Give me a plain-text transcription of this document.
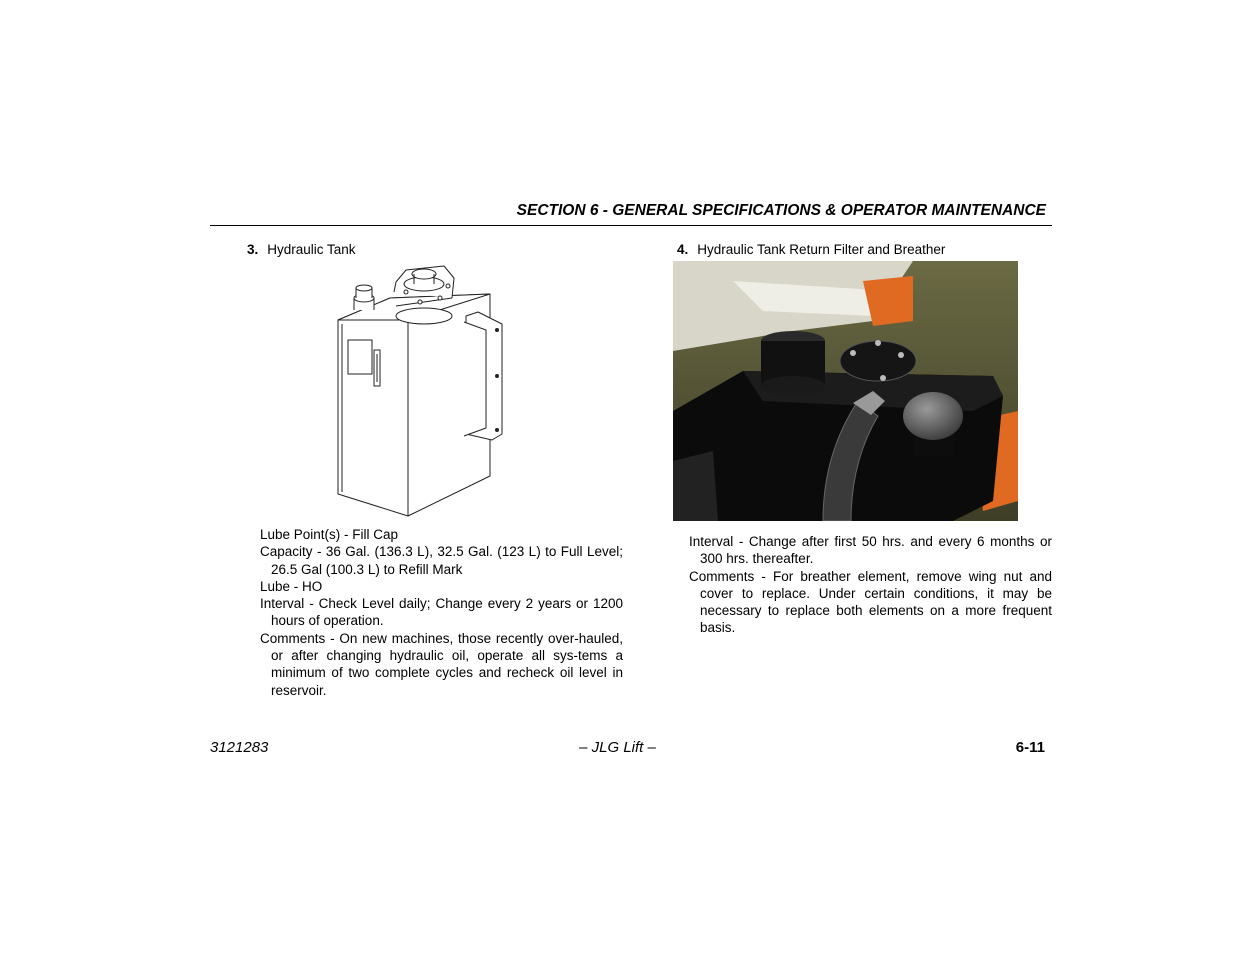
SECTION 6 - GENERAL SPECIFICATIONS & OPERATOR MAINTENANCE
3. Hydraulic Tank

Lube Point(s) - Fill Cap

Capacity - 36 Gal. (136.3 L), 32.5 Gal. (123 L) to Full Level; 26.5 Gal (100.3 L) to Refill Mark

Lube - HO

Interval - Check Level daily; Change every 2 years or 1200 hours of operation.

Comments - On new machines, those recently over-hauled, or after changing hydraulic oil, operate all sys-tems a minimum of two complete cycles and recheck oil level in reservoir.

4. Hydraulic Tank Return Filter and Breather

Interval - Change after first 50 hrs. and every 6 months or 300 hrs. thereafter.

Comments - For breather element, remove wing nut and cover to replace. Under certain conditions, it may be necessary to replace both elements on a more frequent basis.

3121283	– JLG Lift –	6-11
